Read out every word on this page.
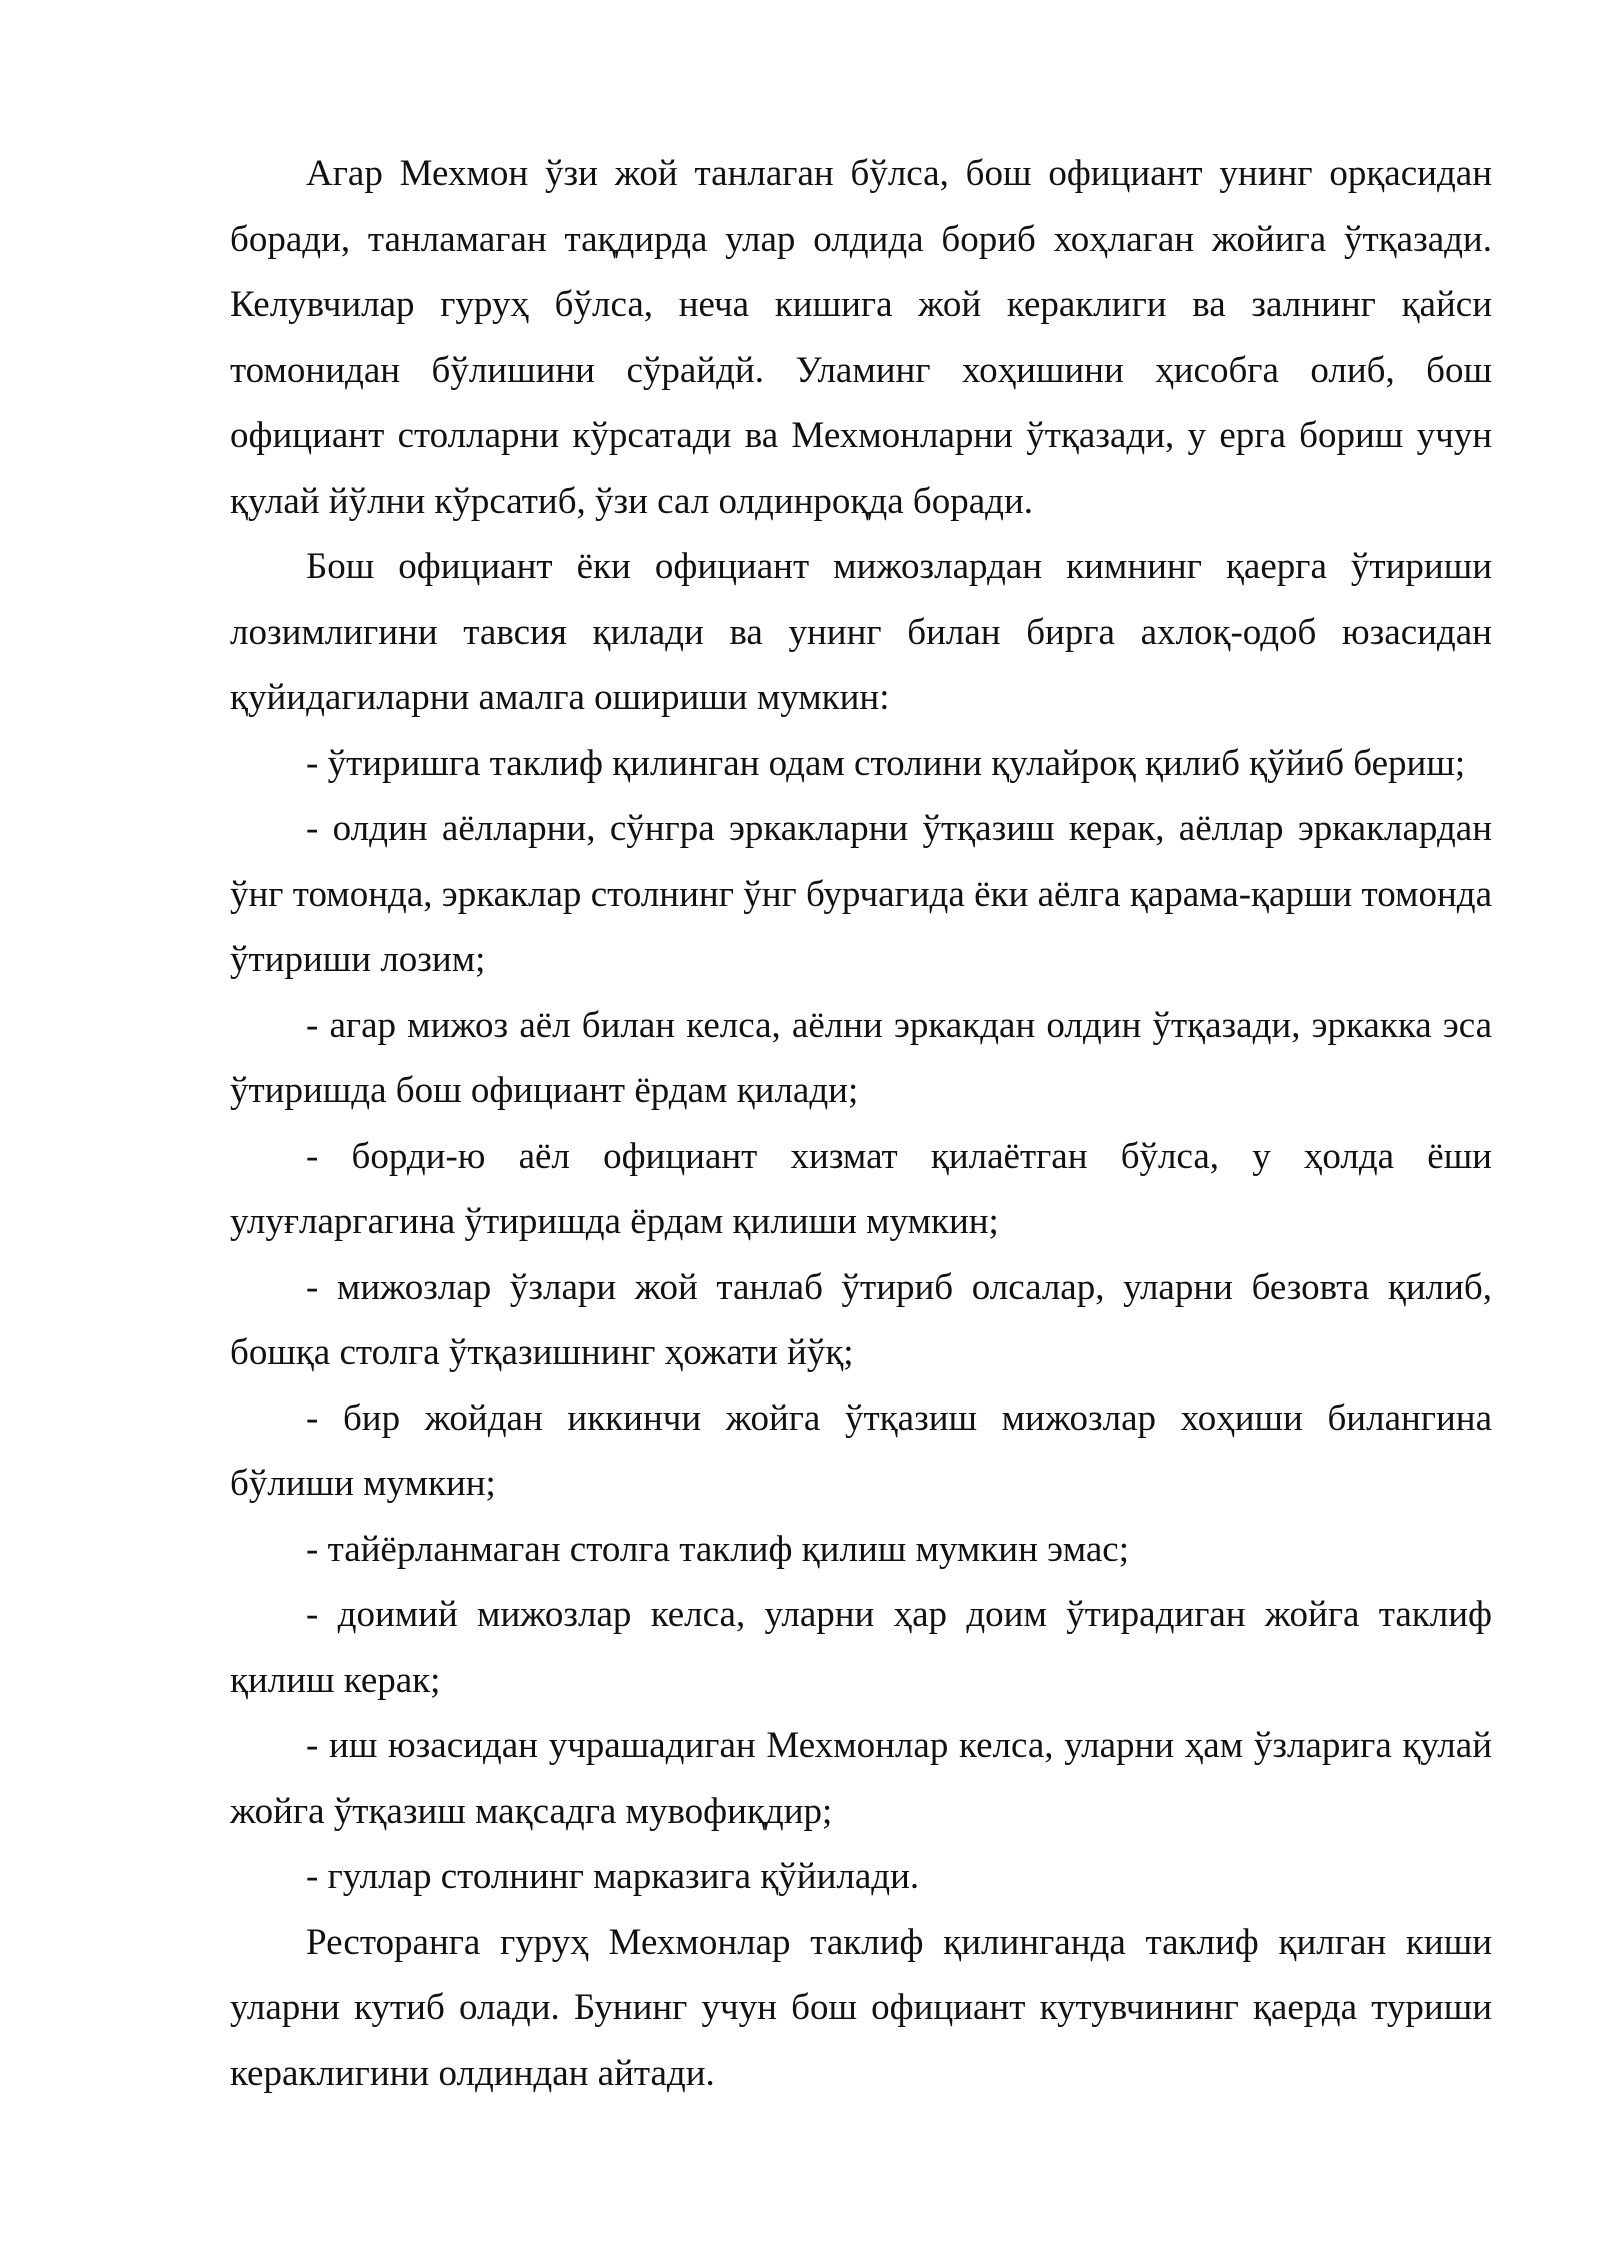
Агар Мехмон ўзи жой танлаган бўлса, бош официант унинг орқасидан боради, танламаган тақдирда улар олдида бориб хоҳлаган жойига ўтқазади. Келувчилар гуруҳ бўлса, неча кишига жой кераклиги ва залнинг қайси томонидан бўлишини сўрайдй. Уламинг хоҳишини ҳисобга олиб, бош официант столларни кўрсатади ва Мехмонларни ўтқазади, у ерга бориш учун қулай йўлни кўрсатиб, ўзи сал олдинроқда боради.

Бош официант ёки официант мижозлардан кимнинг қаерга ўтириши лозимлигини тавсия қилади ва унинг билан бирга ахлоқ-одоб юзасидан қуйидагиларни амалга ошириши мумкин:

- ўтиришга таклиф қилинган одам столини қулайроқ қилиб қўйиб бериш;

- олдин аёлларни, сўнгра эркакларни ўтқазиш керак, аёллар эркаклардан ўнг томонда, эркаклар столнинг ўнг бурчагида ёки аёлга қарама-қарши томонда ўтириши лозим;

- агар мижоз аёл билан келса, аёлни эркакдан олдин ўтқазади, эркакка эса ўтиришда бош официант ёрдам қилади;

- борди-ю аёл официант хизмат қилаётган бўлса, у ҳолда ёши улуғларгагина ўтиришда ёрдам қилиши мумкин;

- мижозлар ўзлари жой танлаб ўтириб олсалар, уларни безовта қилиб, бошқа столга ўтқазишнинг ҳожати йўқ;

- бир жойдан иккинчи жойга ўтқазиш мижозлар хоҳиши билангина бўлиши мумкин;

- тайёрланмаган столга таклиф қилиш мумкин эмас;

- доимий мижозлар келса, уларни ҳар доим ўтирадиган жойга таклиф қилиш керак;

- иш юзасидан учрашадиган Мехмонлар келса, уларни ҳам ўзларига қулай жойга ўтқазиш мақсадга мувофиқдир;

- гуллар столнинг марказига қўйилади.

Ресторанга гуруҳ Мехмонлар таклиф қилинганда таклиф қилган киши уларни кутиб олади. Бунинг учун бош официант кутувчининг қаерда туриши кераклигини олдиндан айтади.
